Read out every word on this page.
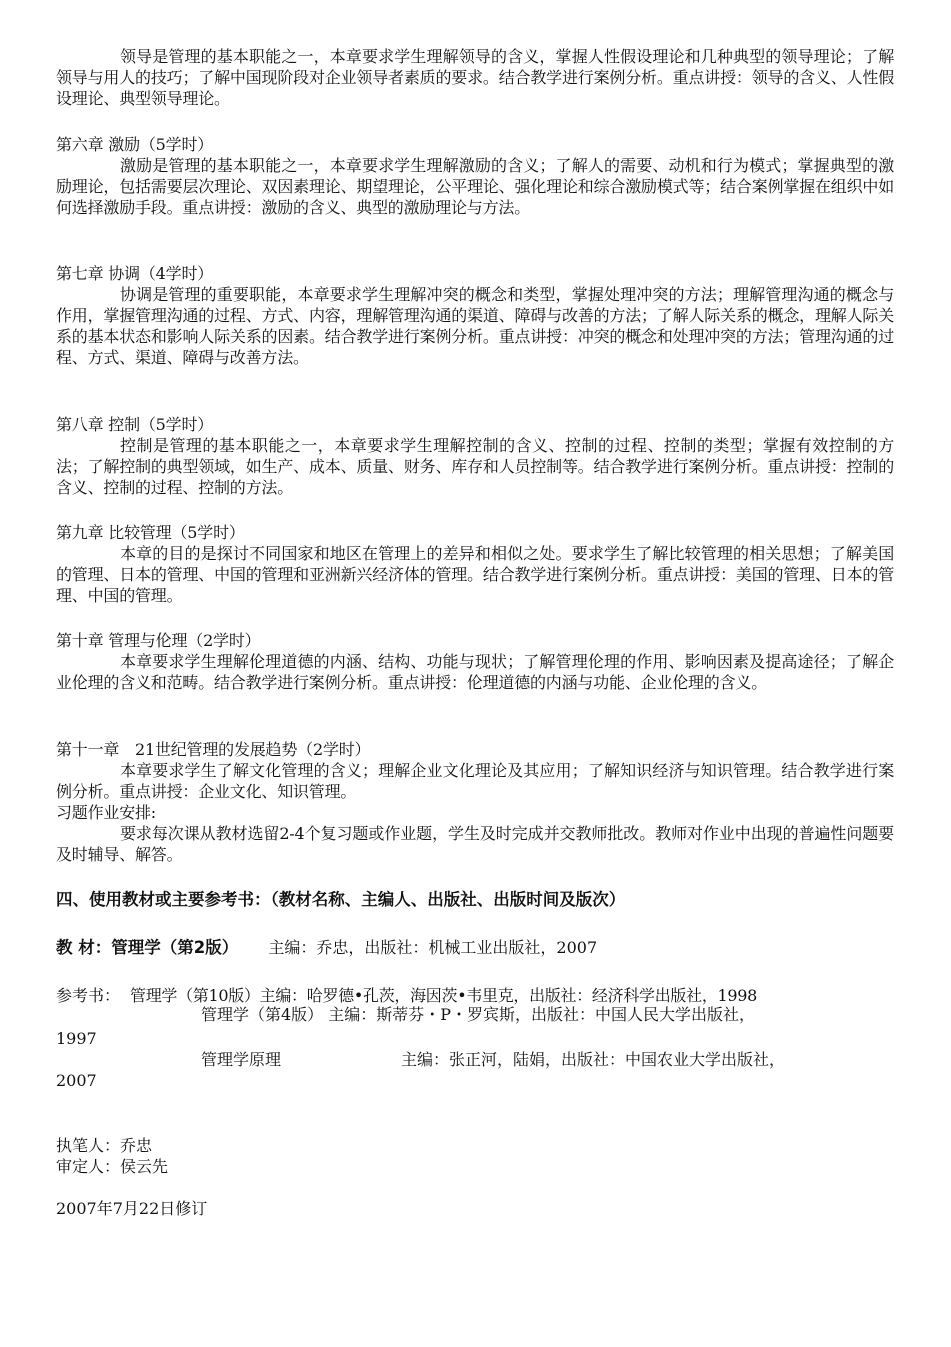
领导是管理的基本职能之一，本章要求学生理解领导的含义，掌握人性假设理论和几种典型的领导理论；了解领导与用人的技巧；了解中国现阶段对企业领导者素质的要求。结合教学进行案例分析。重点讲授：领导的含义、人性假设理论、典型领导理论。
第六章 激励（5学时）
激励是管理的基本职能之一，本章要求学生理解激励的含义；了解人的需要、动机和行为模式；掌握典型的激励理论，包括需要层次理论、双因素理论、期望理论，公平理论、强化理论和综合激励模式等；结合案例掌握在组织中如何选择激励手段。重点讲授：激励的含义、典型的激励理论与方法。
第七章 协调（4学时）
协调是管理的重要职能，本章要求学生理解冲突的概念和类型，掌握处理冲突的方法；理解管理沟通的概念与作用，掌握管理沟通的过程、方式、内容，理解管理沟通的渠道、障碍与改善的方法；了解人际关系的概念，理解人际关系的基本状态和影响人际关系的因素。结合教学进行案例分析。重点讲授：冲突的概念和处理冲突的方法；管理沟通的过程、方式、渠道、障碍与改善方法。
第八章 控制（5学时）
控制是管理的基本职能之一，本章要求学生理解控制的含义、控制的过程、控制的类型；掌握有效控制的方法；了解控制的典型领域，如生产、成本、质量、财务、库存和人员控制等。结合教学进行案例分析。重点讲授：控制的含义、控制的过程、控制的方法。
第九章 比较管理（5学时）
本章的目的是探讨不同国家和地区在管理上的差异和相似之处。要求学生了解比较管理的相关思想；了解美国的管理、日本的管理、中国的管理和亚洲新兴经济体的管理。结合教学进行案例分析。重点讲授：美国的管理、日本的管理、中国的管理。
第十章 管理与伦理（2学时）
本章要求学生理解伦理道德的内涵、结构、功能与现状；了解管理伦理的作用、影响因素及提高途径；了解企业伦理的含义和范畴。结合教学进行案例分析。重点讲授：伦理道德的内涵与功能、企业伦理的含义。
第十一章　21世纪管理的发展趋势（2学时）
本章要求学生了解文化管理的含义；理解企业文化理论及其应用；了解知识经济与知识管理。结合教学进行案例分析。重点讲授：企业文化、知识管理。
习题作业安排:
要求每次课从教材选留2-4个复习题或作业题，学生及时完成并交教师批改。教师对作业中出现的普遍性问题要及时辅导、解答。
四、使用教材或主要参考书：（教材名称、主编人、出版社、出版时间及版次）
教 材：管理学（第2版） 主编：乔忠，出版社：机械工业出版社，2007
参考书： 管理学（第10版）主编：哈罗德•孔茨，海因茨•韦里克，出版社：经济科学出版社，1998
管理学（第4版） 主编：斯蒂芬・P・罗宾斯，出版社：中国人民大学出版社，
1997
管理学原理	主编：张正河，陆娟，出版社：中国农业大学出版社，
2007
执笔人：乔忠
审定人：侯云先
2007年7月22日修订
